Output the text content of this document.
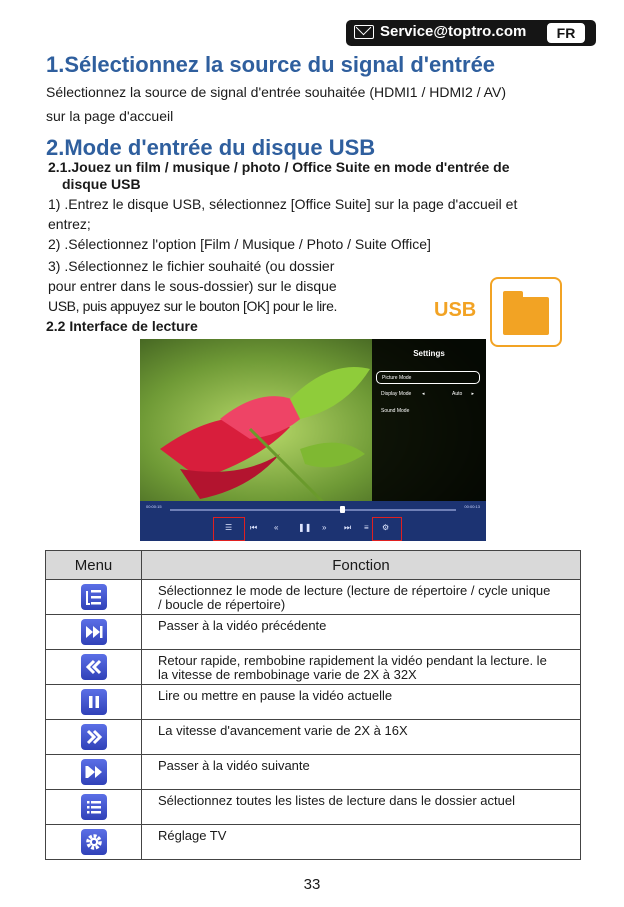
Service@toptro.com	FR
1.Sélectionnez la source du signal d'entrée

Sélectionnez la source de signal d'entrée souhaitée (HDMI1 / HDMI2 / AV)

sur la page d'accueil

2.Mode d'entrée du disque USB

2.1.Jouez un film / musique / photo / Office Suite en mode d'entrée de

disque USB

1) .Entrez le disque USB, sélectionnez [Office Suite] sur la page d'accueil et

entrez;

2) .Sélectionnez l'option [Film / Musique / Photo / Suite Office]

3) .Sélectionnez le fichier souhaité (ou dossier

pour entrer dans le sous-dossier) sur le disque

USB, puis appuyez sur le bouton [OK] pour le lire.	USB

2.2 Interface de lecture

Settings
Picture Mode
Display Mode ◂	Auto ▸
Sound Mode
00:00:15	00:00:13
☰ ⏮ « ❚❚ » ⏭ ≡ ⚙
Menu	Fonction

	Sélectionnez le mode de lecture (lecture de répertoire / cycle unique
/ boucle de répertoire)

	Passer à la vidéo précédente

	Retour rapide, rembobine rapidement la vidéo pendant la lecture. le
la vitesse de rembobinage varie de 2X à 32X

	Lire ou mettre en pause la vidéo actuelle

	La vitesse d'avancement varie de 2X à 16X

	Passer à la vidéo suivante

	Sélectionnez toutes les listes de lecture dans le dossier actuel

	Réglage TV
33
